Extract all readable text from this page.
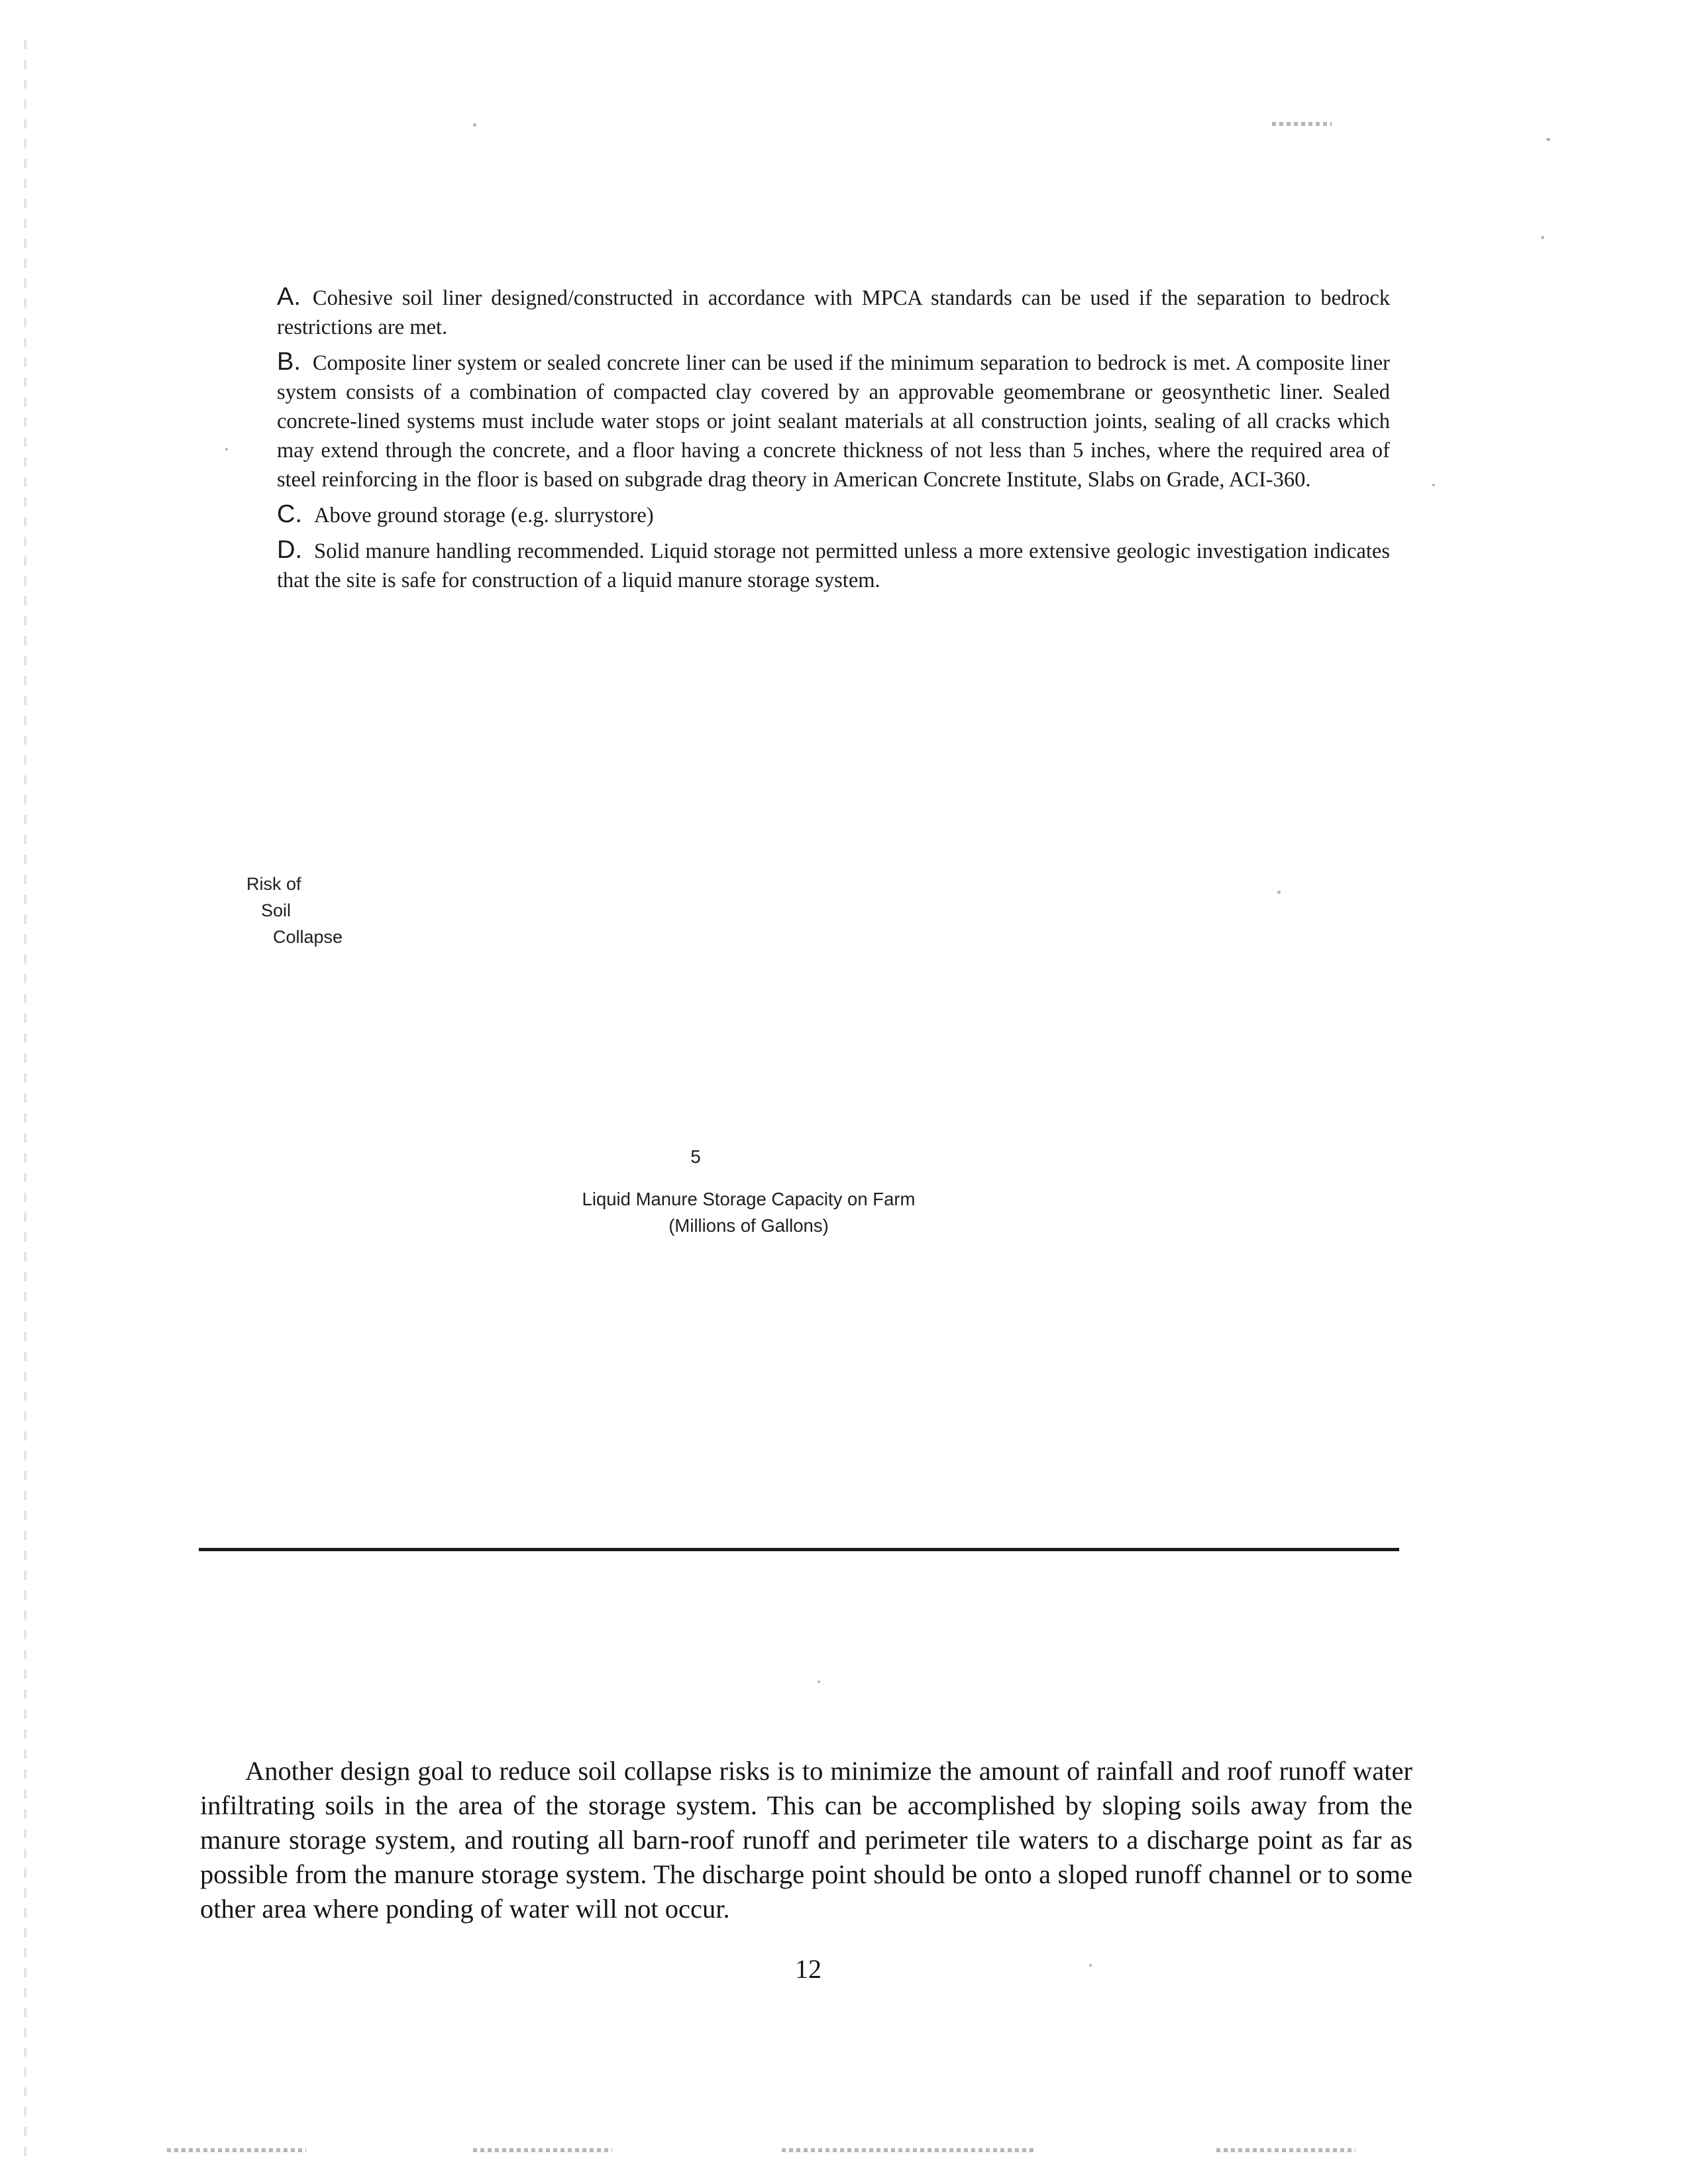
A. Cohesive soil liner designed/constructed in accordance with MPCA standards can be used if the separation to bedrock restrictions are met.

B. Composite liner system or sealed concrete liner can be used if the minimum separation to bedrock is met. A composite liner system consists of a combination of compacted clay covered by an approvable geomembrane or geosynthetic liner. Sealed concrete-lined systems must include water stops or joint sealant materials at all construction joints, sealing of all cracks which may extend through the concrete, and a floor having a concrete thickness of not less than 5 inches, where the required area of steel reinforcing in the floor is based on subgrade drag theory in American Concrete Institute, Slabs on Grade, ACI-360.

C. Above ground storage (e.g. slurrystore)

D. Solid manure handling recommended. Liquid storage not permitted unless a more extensive geologic investigation indicates that the site is safe for construction of a liquid manure storage system.

Risk of
Soil
Collapse
5
Liquid Manure Storage Capacity on Farm
(Millions of Gallons)

Another design goal to reduce soil collapse risks is to minimize the amount of rainfall and roof runoff water infiltrating soils in the area of the storage system. This can be accomplished by sloping soils away from the manure storage system, and routing all barn-roof runoff and perimeter tile waters to a discharge point as far as possible from the manure storage system. The discharge point should be onto a sloped runoff channel or to some other area where ponding of water will not occur.

12
